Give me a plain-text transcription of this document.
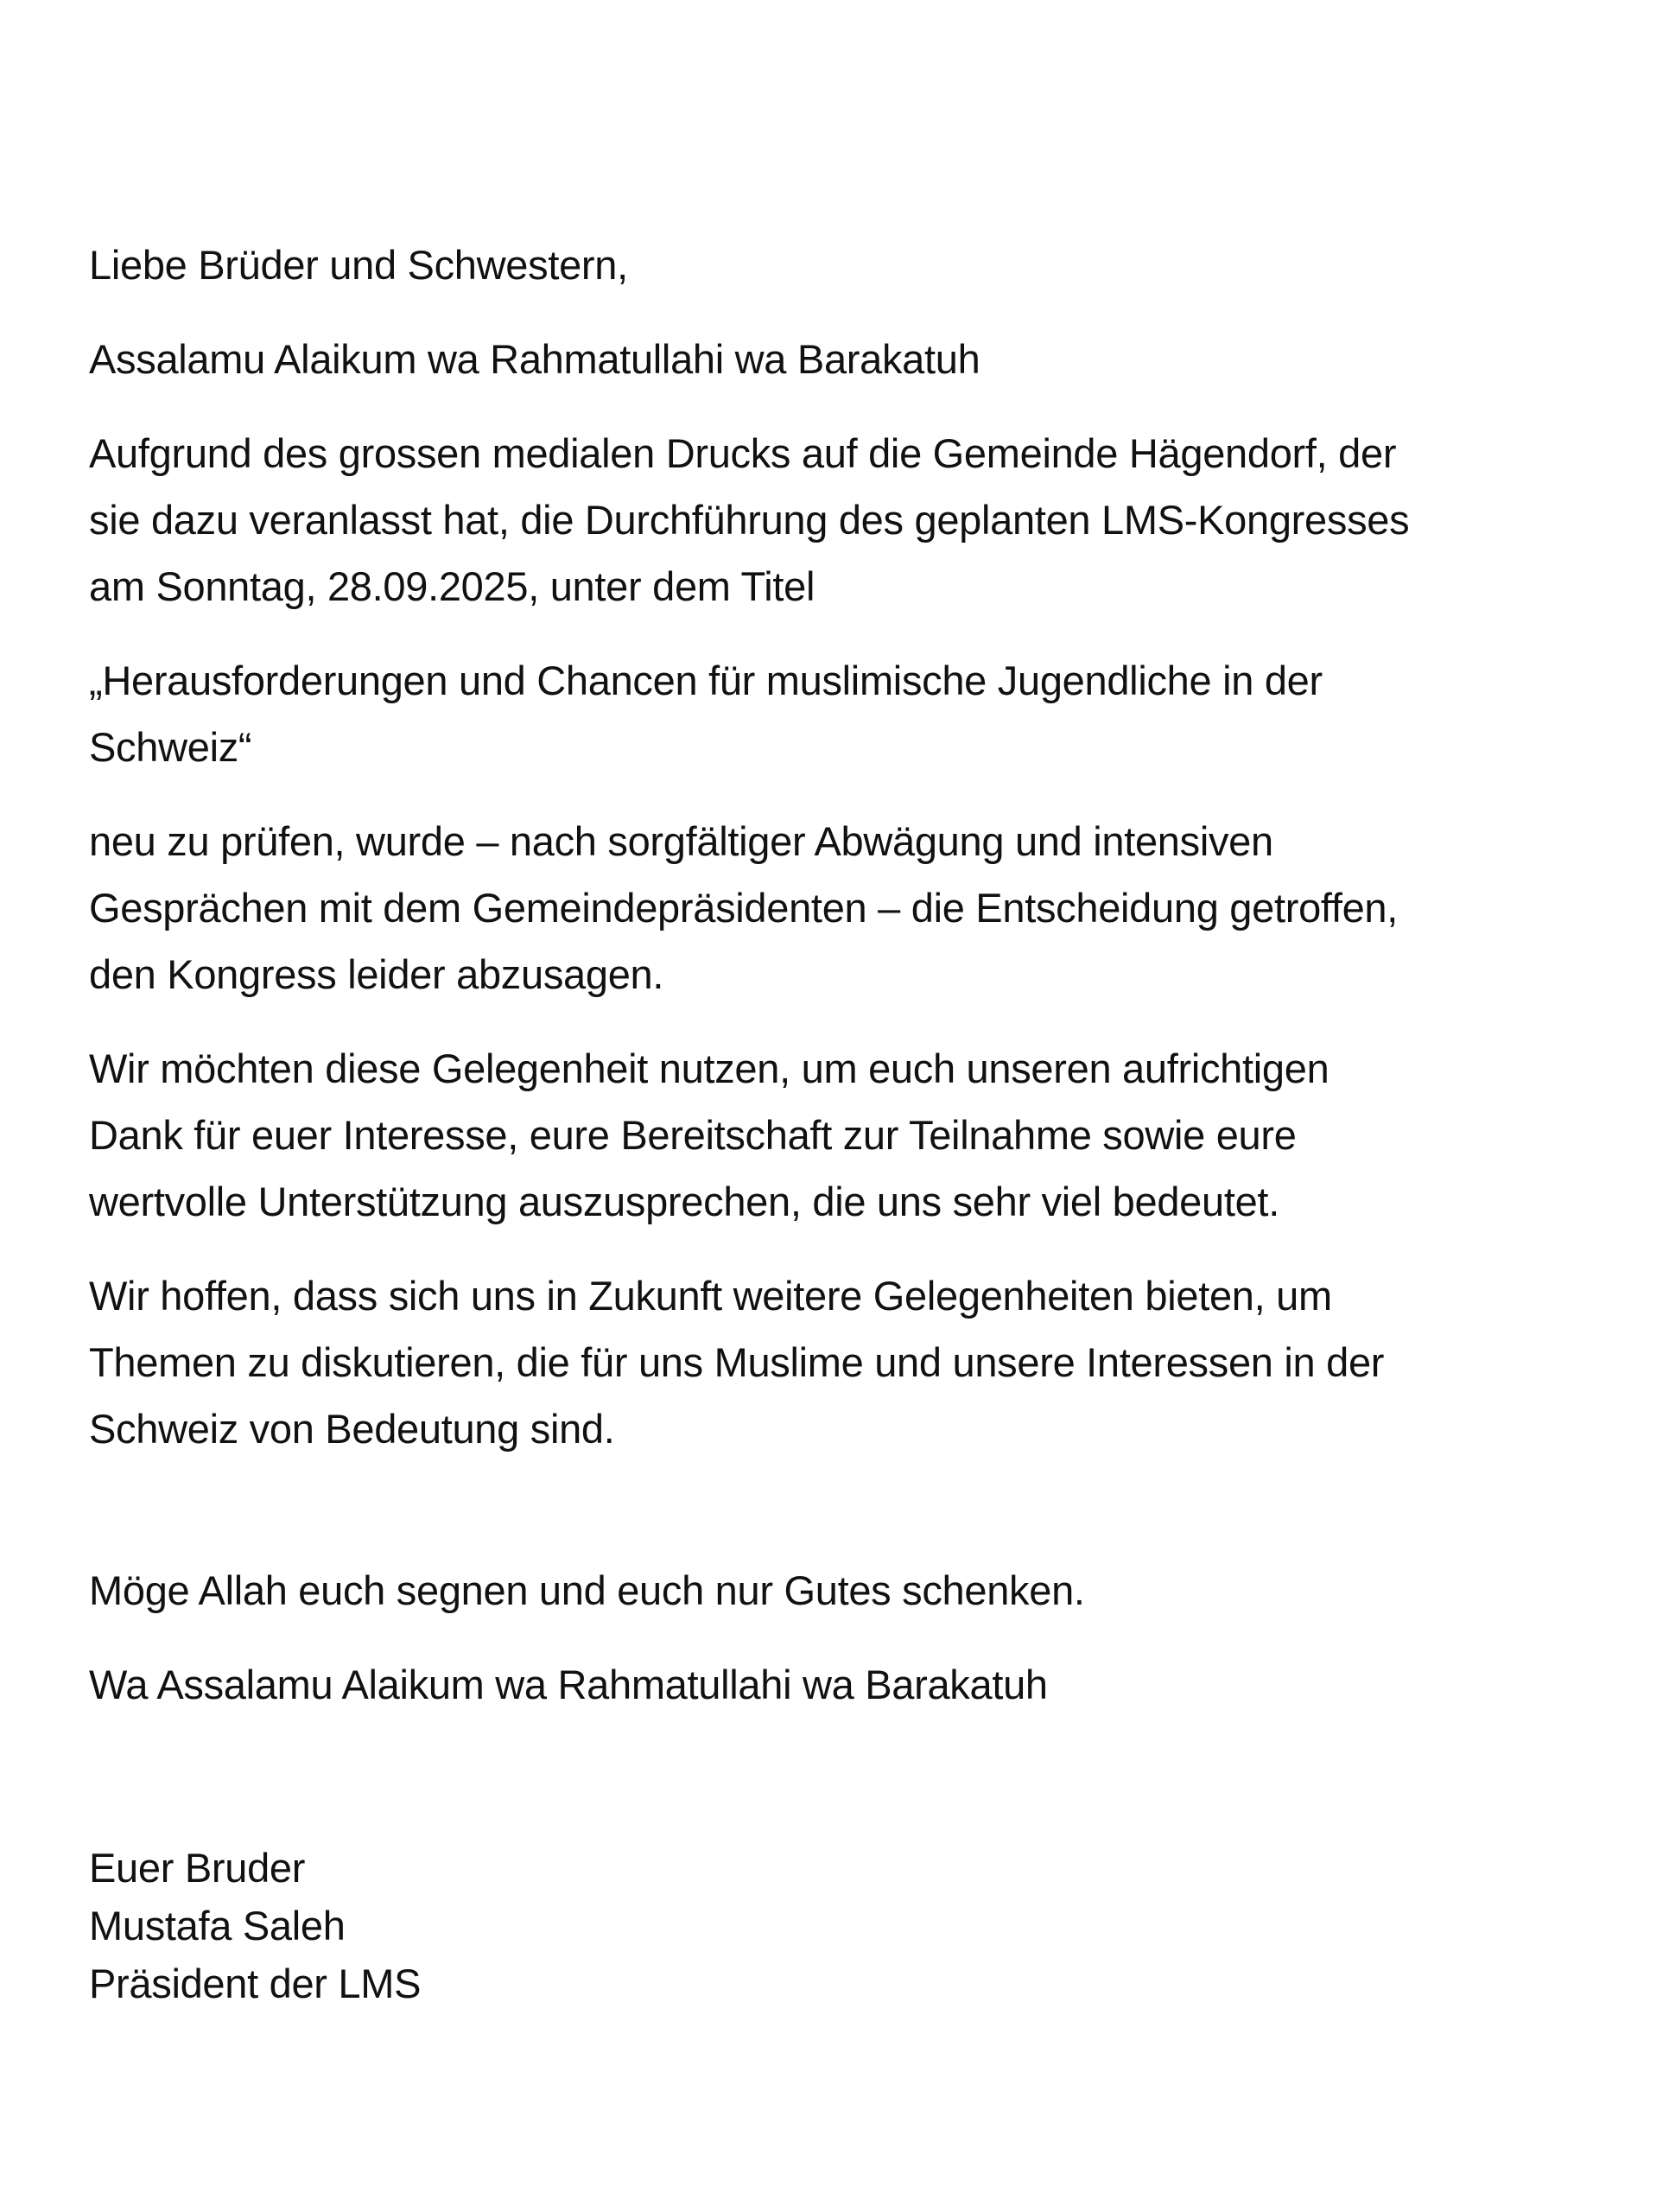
Liebe Brüder und Schwestern,

Assalamu Alaikum wa Rahmatullahi wa Barakatuh

Aufgrund des grossen medialen Drucks auf die Gemeinde Hägendorf, der
sie dazu veranlasst hat, die Durchführung des geplanten LMS-Kongresses
am Sonntag, 28.09.2025, unter dem Titel

„Herausforderungen und Chancen für muslimische Jugendliche in der
Schweiz“

neu zu prüfen, wurde – nach sorgfältiger Abwägung und intensiven
Gesprächen mit dem Gemeindepräsidenten – die Entscheidung getroffen,
den Kongress leider abzusagen.

Wir möchten diese Gelegenheit nutzen, um euch unseren aufrichtigen
Dank für euer Interesse, eure Bereitschaft zur Teilnahme sowie eure
wertvolle Unterstützung auszusprechen, die uns sehr viel bedeutet.

Wir hoffen, dass sich uns in Zukunft weitere Gelegenheiten bieten, um
Themen zu diskutieren, die für uns Muslime und unsere Interessen in der
Schweiz von Bedeutung sind.

Möge Allah euch segnen und euch nur Gutes schenken.

Wa Assalamu Alaikum wa Rahmatullahi wa Barakatuh

Euer Bruder

Mustafa Saleh

Präsident der LMS
